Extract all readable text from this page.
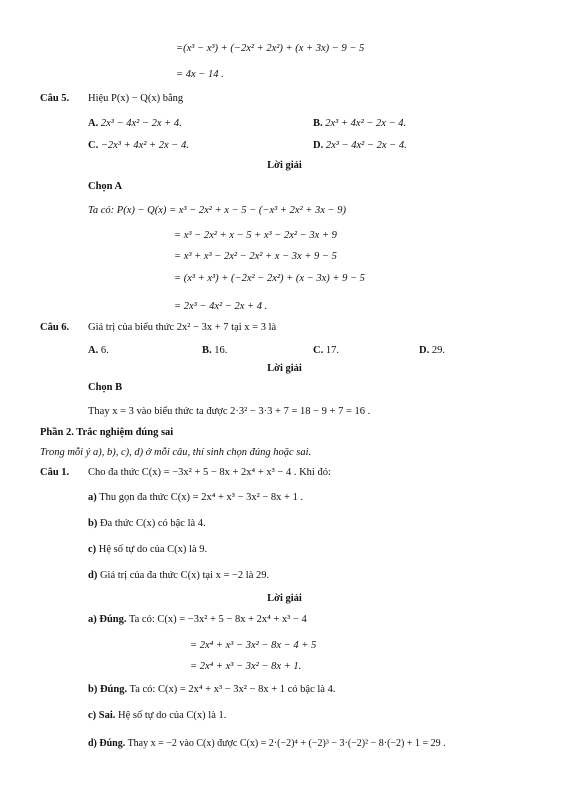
=(x³ − x³) + (−2x² + 2x²) + (x + 3x) − 9 − 5
= 4x − 14 .
Câu 5. Hiệu P(x) − Q(x) bằng
A. 2x³ − 4x² − 2x + 4.	B. 2x³ + 4x² − 2x − 4.
C. −2x³ + 4x² + 2x − 4.	D. 2x³ − 4x² − 2x − 4.
Lời giải
Chọn A
Ta có: P(x) − Q(x) = x³ − 2x² + x − 5 − (−x³ + 2x² + 3x − 9)
= x³ − 2x² + x − 5 + x³ − 2x² − 3x + 9
= x³ + x³ − 2x² − 2x² + x − 3x + 9 − 5
= (x³ + x³) + (−2x² − 2x²) + (x − 3x) + 9 − 5
= 2x³ − 4x² − 2x + 4 .
Câu 6. Giá trị của biểu thức 2x² − 3x + 7 tại x = 3 là
A. 6.	B. 16.	C. 17.	D. 29.
Lời giải
Chọn B
Thay x = 3 vào biểu thức ta được 2·3² − 3·3 + 7 = 18 − 9 + 7 = 16 .
Phần 2. Trắc nghiệm đúng sai
Trong mỗi ý a), b), c), d) ở mỗi câu, thí sinh chọn đúng hoặc sai.
Câu 1. Cho đa thức C(x) = −3x² + 5 − 8x + 2x⁴ + x³ − 4 . Khi đó:
a) Thu gọn đa thức C(x) = 2x⁴ + x³ − 3x² − 8x + 1 .
b) Đa thức C(x) có bậc là 4.
c) Hệ số tự do của C(x) là 9.
d) Giá trị của đa thức C(x) tại x = −2 là 29.
Lời giải
a) Đúng. Ta có: C(x) = −3x² + 5 − 8x + 2x⁴ + x³ − 4
= 2x⁴ + x³ − 3x² − 8x − 4 + 5
= 2x⁴ + x³ − 3x² − 8x + 1.
b) Đúng. Ta có: C(x) = 2x⁴ + x³ − 3x² − 8x + 1 có bậc là 4.
c) Sai. Hệ số tự do của C(x) là 1.
d) Đúng. Thay x = −2 vào C(x) được C(x) = 2·(−2)⁴ + (−2)³ − 3·(−2)² − 8·(−2) + 1 = 29 .
